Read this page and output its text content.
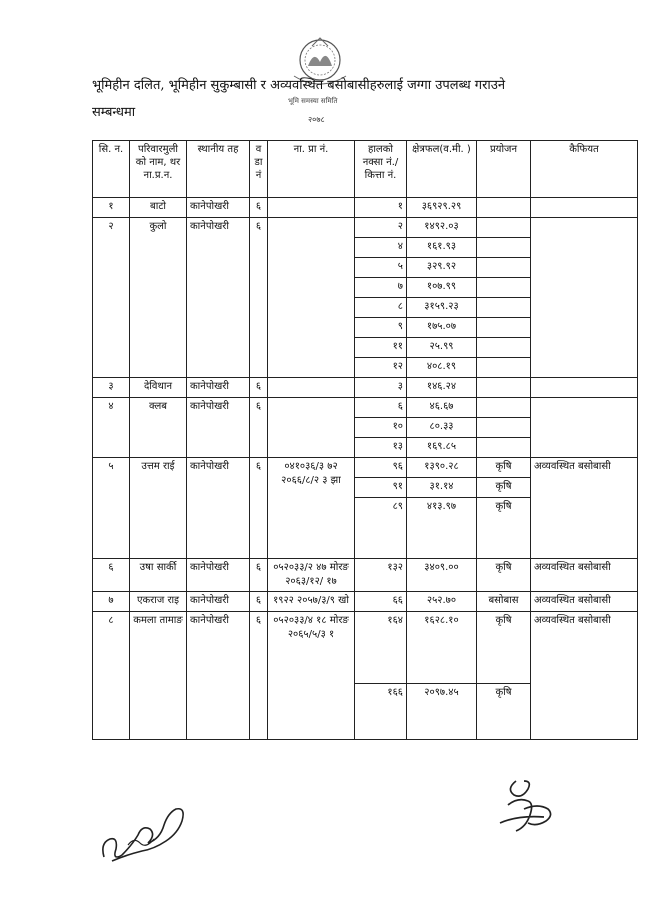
भूमि समस्या समिति
२०७८
भूमिहीन दलित, भूमिहीन सुकुम्बासी र अव्यवस्थित बसोबासीहरुलाई जग्गा उपलब्ध गराउने
सम्बन्धमा
सि. न.	परिवारमुली को नाम, थर ना.प्र.न.	स्थानीय तह	व डा नं	ना. प्रा नं.	हालको नक्सा नं./ कित्ता नं.	क्षेत्रफल(व.मी. )	प्रयोजन	कैफियत
१	बाटो	कानेपोखरी	६		१	३६९२९.२९		
२	कुलो	कानेपोखरी	६		२	१४९२.०३		
					४	१६१.९३		
					५	३२९.९२		
					७	१०७.९९		
					८	३१५९.२३		
					९	१७५.०७		
					११	२५.९९		
					१२	४०८.१९		
३	देविथान	कानेपोखरी	६		३	१४६.२४		
४	क्लब	कानेपोखरी	६		६	४६.६७		
					१०	८०.३३		
					१३	१६९.८५		
५	उत्तम राई	कानेपोखरी	६	०४१०३६/३ ७२ २०६६/८/२ ३ झा	९६	१३९०.२८	कृषि	अव्यवस्थित बसोबासी
					९१	३१.१४	कृषि	
					८९	४१३.९७	कृषि	
६	उषा सार्की	कानेपोखरी	६	०५२०३३/२ ४७ मोरङ २०६३/१२/ १७	१३२	३४०९.००	कृषि	अव्यवस्थित बसोबासी
७	एकराज राइ	कानेपोखरी	६	१९२२ २०५७/३/९ खो	६६	२५२.७०	बसोबास	अव्यवस्थित बसोबासी
८	कमला तामाङ	कानेपोखरी	६	०५२०३३/४ १८ मोरङ २०६५/५/३ १	१६४	१६२८.१०	कृषि	अव्यवस्थित बसोबासी
					१६६	२०९७.४५	कृषि	
